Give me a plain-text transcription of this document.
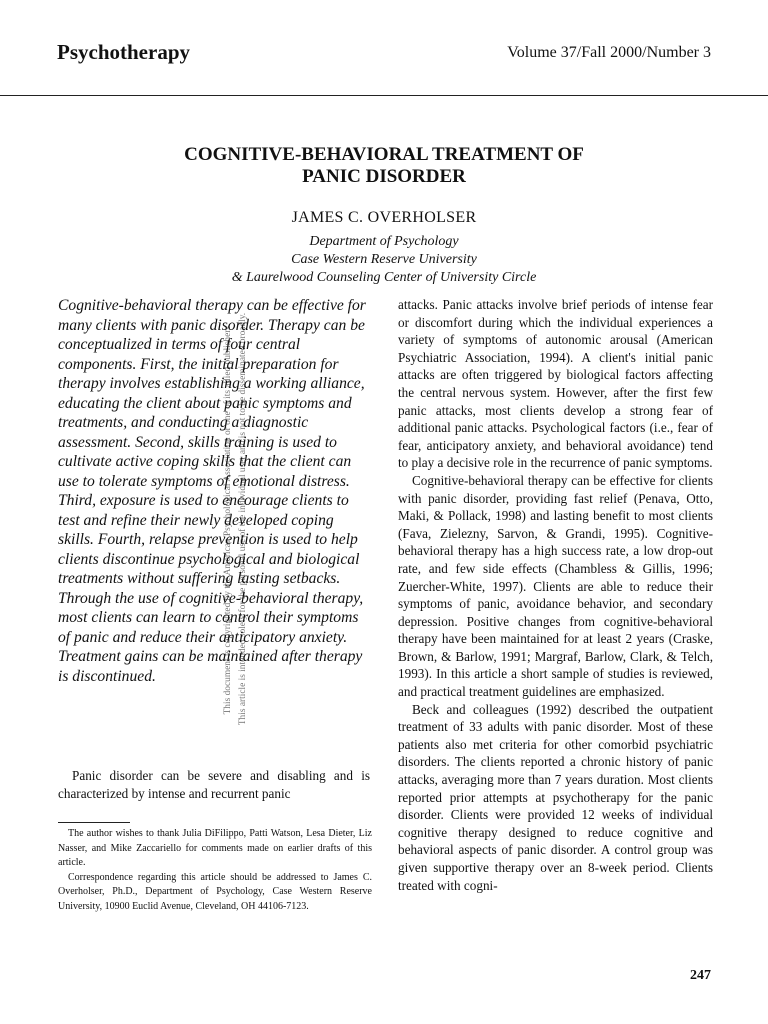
Psychotherapy	Volume 37/Fall 2000/Number 3
COGNITIVE-BEHAVIORAL TREATMENT OF
PANIC DISORDER
JAMES C. OVERHOLSER
Department of Psychology
Case Western Reserve University
& Laurelwood Counseling Center of University Circle
This document is copyrighted by the American Psychological Association or one of its allied publishers. This article is intended solely for the personal use of the individual user and is not to be disseminated broadly.
Cognitive-behavioral therapy can be effective for many clients with panic disorder. Therapy can be conceptualized in terms of four central components. First, the initial preparation for therapy involves establishing a working alliance, educating the client about panic symptoms and treatments, and conducting a diagnostic assessment. Second, skills training is used to cultivate active coping skills that the client can use to tolerate symptoms of emotional distress. Third, exposure is used to encourage clients to test and refine their newly developed coping skills. Fourth, relapse prevention is used to help clients discontinue psychological and biological treatments without suffering lasting setbacks. Through the use of cognitive-behavioral therapy, most clients can learn to control their symptoms of panic and reduce their anticipatory anxiety. Treatment gains can be maintained after therapy is discontinued.
Panic disorder can be severe and disabling and is characterized by intense and recurrent panic

The author wishes to thank Julia DiFilippo, Patti Watson, Lesa Dieter, Liz Nasser, and Mike Zaccariello for comments made on earlier drafts of this article.

Correspondence regarding this article should be addressed to James C. Overholser, Ph.D., Department of Psychology, Case Western Reserve University, 10900 Euclid Avenue, Cleveland, OH 44106-7123.

attacks. Panic attacks involve brief periods of intense fear or discomfort during which the individual experiences a variety of symptoms of autonomic arousal (American Psychiatric Association, 1994). A client's initial panic attacks are often triggered by biological factors affecting the central nervous system. However, after the first few panic attacks, most clients develop a strong fear of additional panic attacks. Psychological factors (i.e., fear of fear, anticipatory anxiety, and behavioral avoidance) tend to play a decisive role in the recurrence of panic symptoms.

Cognitive-behavioral therapy can be effective for clients with panic disorder, providing fast relief (Penava, Otto, Maki, & Pollack, 1998) and lasting benefit to most clients (Fava, Zielezny, Sarvon, & Grandi, 1995). Cognitive-behavioral therapy has a high success rate, a low drop-out rate, and few side effects (Chambless & Gillis, 1996; Zuercher-White, 1997). Clients are able to reduce their symptoms of panic, avoidance behavior, and secondary depression. Positive changes from cognitive-behavioral therapy have been maintained for at least 2 years (Craske, Brown, & Barlow, 1991; Margraf, Barlow, Clark, & Telch, 1993). In this article a short sample of studies is reviewed, and practical treatment guidelines are emphasized.

Beck and colleagues (1992) described the outpatient treatment of 33 adults with panic disorder. Most of these patients also met criteria for other comorbid psychiatric disorders. The clients reported a chronic history of panic attacks, averaging more than 7 years duration. Most clients reported prior attempts at psychotherapy for the panic disorder. Clients were provided 12 weeks of individual cognitive therapy designed to reduce cognitive and behavioral aspects of panic disorder. A control group was given supportive therapy over an 8-week period. Clients treated with cogni-

247
